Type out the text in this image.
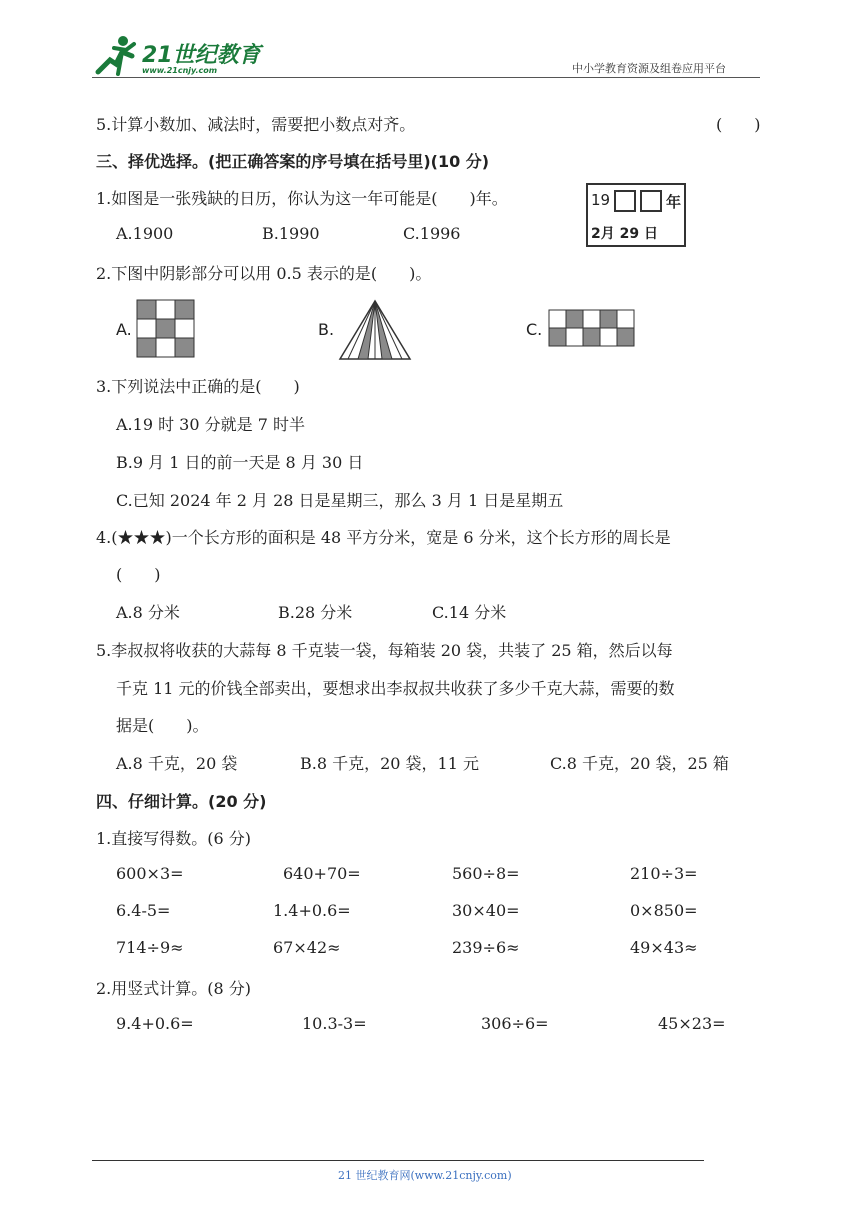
21世纪教育
www.21cnjy.com	中小学教育资源及组卷应用平台
5.计算小数加、减法时，需要把小数点对齐。	(　　)
三、择优选择。(把正确答案的序号填在括号里)(10 分)
1.如图是一张残缺的日历，你认为这一年可能是(　　)年。
A.1900	B.1990	C.1996
19	年
2月 29 日
2.下图中阴影部分可以用 0.5 表示的是(　　)。
A.	B.	C.
3.下列说法中正确的是(　　)
A.19 时 30 分就是 7 时半
B.9 月 1 日的前一天是 8 月 30 日
C.已知 2024 年 2 月 28 日是星期三，那么 3 月 1 日是星期五
4.(★★★)一个长方形的面积是 48 平方分米，宽是 6 分米，这个长方形的周长是
(　　)
A.8 分米	B.28 分米	C.14 分米
5.李叔叔将收获的大蒜每 8 千克装一袋，每箱装 20 袋，共装了 25 箱，然后以每
千克 11 元的价钱全部卖出，要想求出李叔叔共收获了多少千克大蒜，需要的数
据是(　　)。
A.8 千克，20 袋	B.8 千克，20 袋，11 元	C.8 千克，20 袋，25 箱
四、仔细计算。(20 分)
1.直接写得数。(6 分)
600×3=	640+70=	560÷8=	210÷3=
6.4-5=	1.4+0.6=	30×40=	0×850=
714÷9≈	67×42≈	239÷6≈	49×43≈
2.用竖式计算。(8 分)
9.4+0.6=	10.3-3=	306÷6=	45×23=
21 世纪教育网(www.21cnjy.com)
